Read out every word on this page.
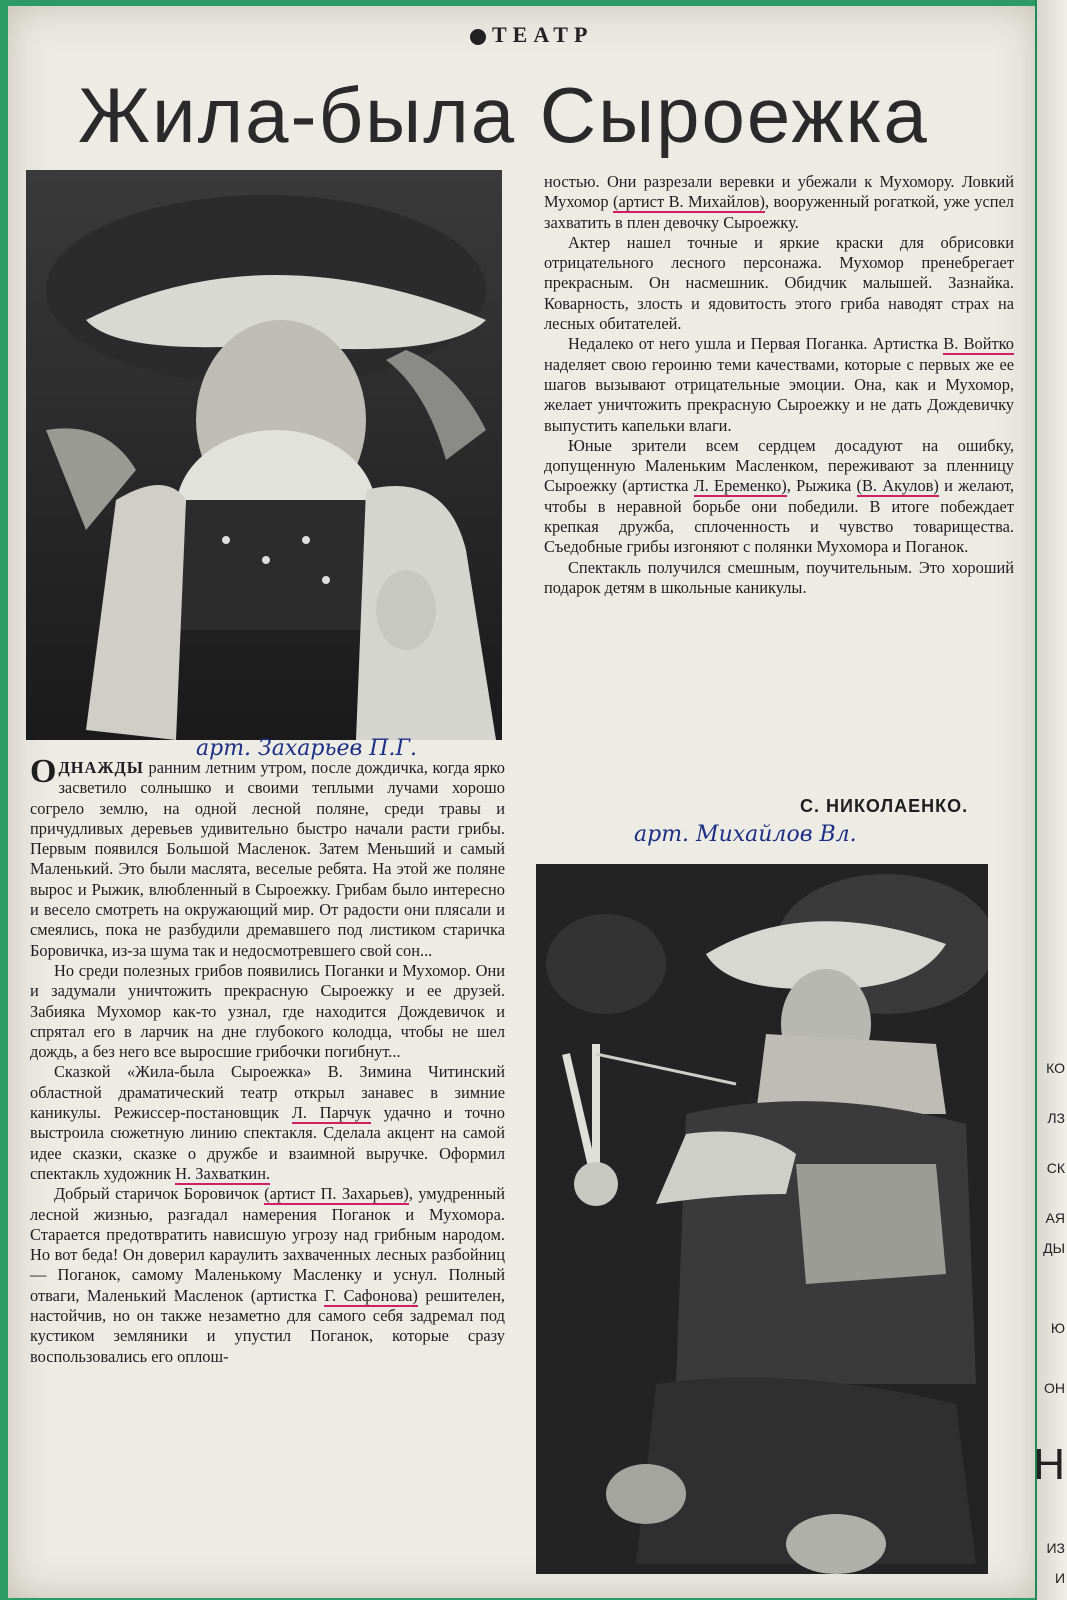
КО
ЛЗ
СК
АЯ
ДЫ
Ю
ОН
Н
ИЗ
И
ТЕАТР
Жила-была Сыроежка
арт. Захарьев П.Г.
арт. Михайлов Вл.

ОДНАЖДЫ ранним летним утром, после дождичка, когда ярко засветило солнышко и своими теплыми лучами хорошо согрело землю, на одной лесной поляне, среди травы и причудливых деревьев удивительно быстро начали расти грибы. Первым появился Большой Масленок. Затем Меньший и самый Маленький. Это были маслята, веселые ребята. На этой же поляне вырос и Рыжик, влюбленный в Сыроежку. Грибам было интересно и весело смотреть на окружающий мир. От радости они плясали и смеялись, пока не разбудили дремавшего под листиком старичка Боровичка, из-за шума так и недосмотревшего свой сон...

Но среди полезных грибов появились Поганки и Мухомор. Они и задумали уничтожить прекрасную Сыроежку и ее друзей. Забияка Мухомор как-то узнал, где находится Дождевичок и спрятал его в ларчик на дне глубокого колодца, чтобы не шел дождь, а без него все выросшие грибочки погибнут...

Сказкой «Жила-была Сыроежка» В. Зимина Читинский областной драматический театр открыл занавес в зимние каникулы. Режиссер-постановщик Л. Парчук удачно и точно выстроила сюжетную линию спектакля. Сделала акцент на самой идее сказки, сказке о дружбе и взаимной выручке. Оформил спектакль художник Н. Захваткин.

Добрый старичок Боровичок (артист П. Захарьев), умудренный лесной жизнью, разгадал намерения Поганок и Мухомора. Старается предотвратить нависшую угрозу над грибным народом. Но вот беда! Он доверил караулить захваченных лесных разбойниц — Поганок, самому Маленькому Масленку и уснул. Полный отваги, Маленький Масленок (артистка Г. Сафонова) решителен, настойчив, но он также незаметно для самого себя задремал под кустиком земляники и упустил Поганок, которые сразу воспользовались его оплош-

ностью. Они разрезали веревки и убежали к Мухомору. Ловкий Мухомор (артист В. Михайлов), вооруженный рогаткой, уже успел захватить в плен девочку Сыроежку.

Актер нашел точные и яркие краски для обрисовки отрицательного лесного персонажа. Мухомор пренебрегает прекрасным. Он насмешник. Обидчик малышей. Зазнайка. Коварность, злость и ядовитость этого гриба наводят страх на лесных обитателей.

Недалеко от него ушла и Первая Поганка. Артистка В. Войтко наделяет свою героиню теми качествами, которые с первых же ее шагов вызывают отрицательные эмоции. Она, как и Мухомор, желает уничтожить прекрасную Сыроежку и не дать Дождевичку выпустить капельки влаги.

Юные зрители всем сердцем досадуют на ошибку, допущенную Маленьким Масленком, переживают за пленницу Сыроежку (артистка Л. Еременко), Рыжика (В. Акулов) и желают, чтобы в неравной борьбе они победили. В итоге побеждает крепкая дружба, сплоченность и чувство товарищества. Съедобные грибы изгоняют с полянки Мухомора и Поганок.

Спектакль получился смешным, поучительным. Это хороший подарок детям в школьные каникулы.

С. НИКОЛАЕНКО.
